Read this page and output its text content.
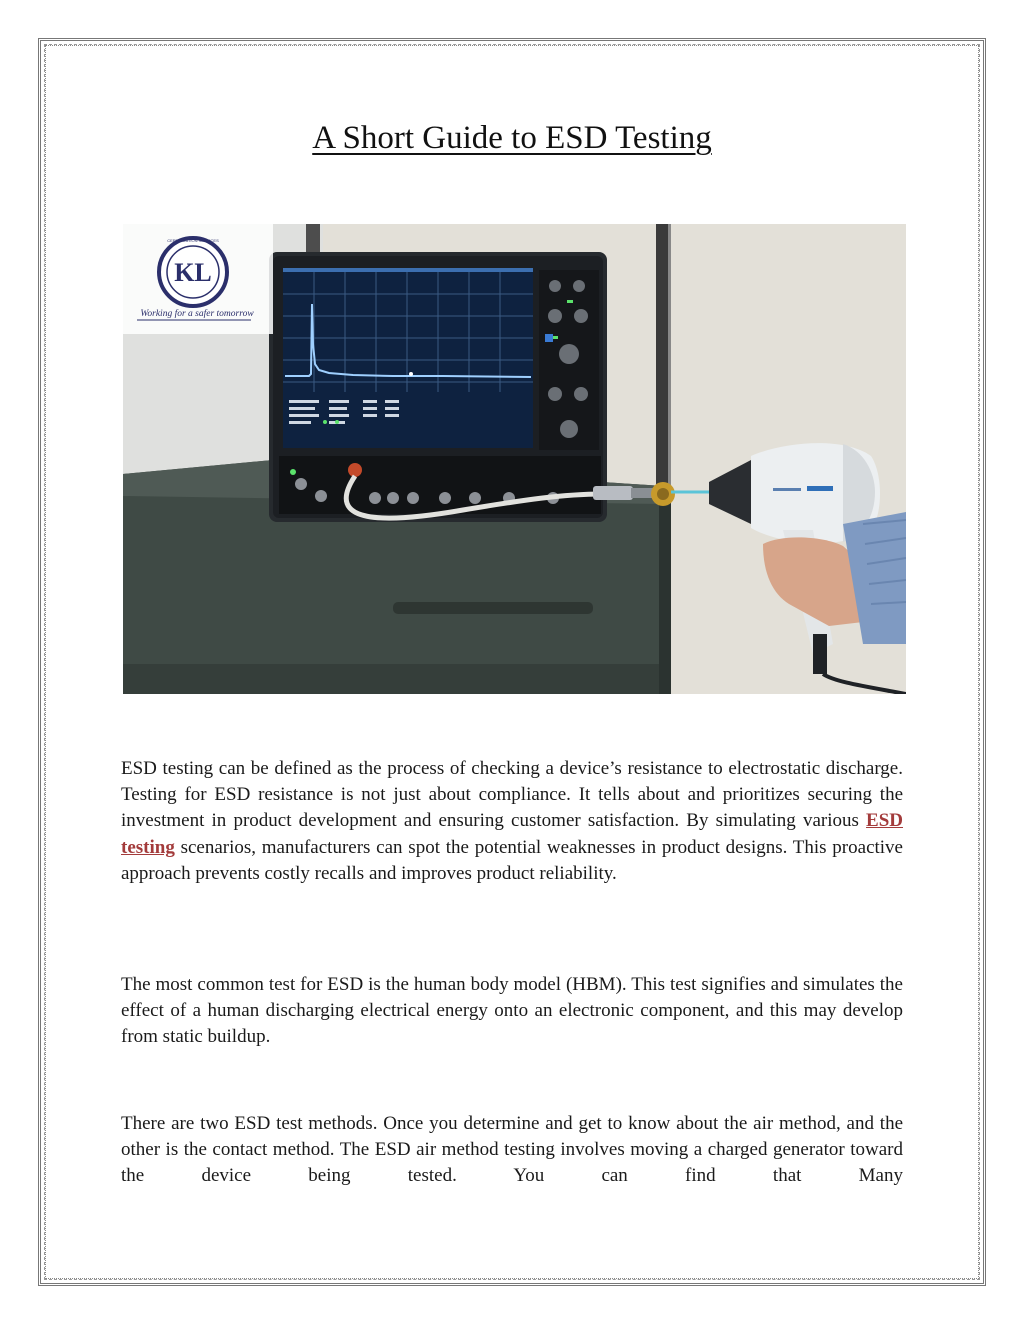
A Short Guide to ESD Testing
KL
CERTIFICATION SERVICES
Working for a safer tomorrow

ESD testing can be defined as the process of checking a device’s resistance to electrostatic discharge. Testing for ESD resistance is not just about compliance. It tells about and prioritizes securing the investment in product development and ensuring customer satisfaction. By simulating various ESD testing scenarios, manufacturers can spot the potential weaknesses in product designs. This proactive approach prevents costly recalls and improves product reliability.

The most common test for ESD is the human body model (HBM). This test signifies and simulates the effect of a human discharging electrical energy onto an electronic component, and this may develop from static buildup.

There are two ESD test methods. Once you determine and get to know about the air method, and the other is the contact method. The ESD air method testing involves moving a charged generator toward the device being tested. You can find that Many
